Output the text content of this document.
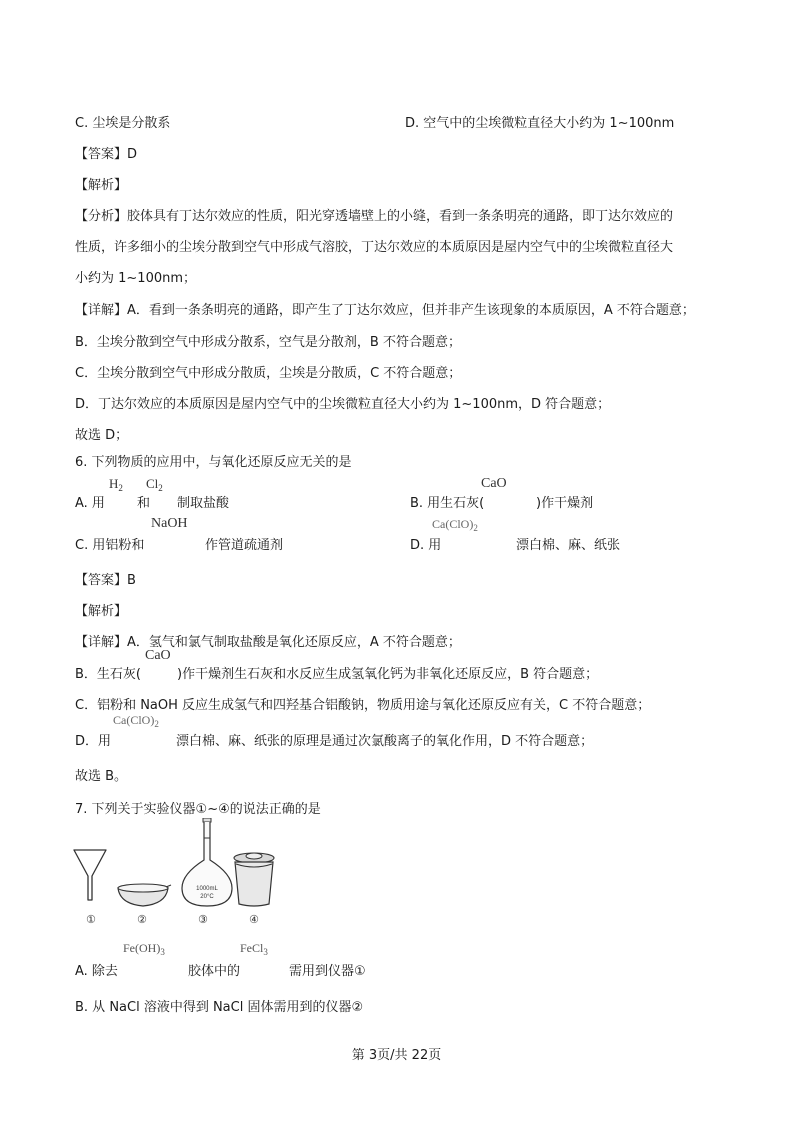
C. 尘埃是分散系	D. 空气中的尘埃微粒直径大小约为 1~100nm
【答案】D
【解析】
【分析】胶体具有丁达尔效应的性质，阳光穿透墙壁上的小缝，看到一条条明亮的通路，即丁达尔效应的
性质，许多细小的尘埃分散到空气中形成气溶胶，丁达尔效应的本质原因是屋内空气中的尘埃微粒直径大
小约为 1~100nm；
【详解】A．看到一条条明亮的通路，即产生了丁达尔效应，但并非产生该现象的本质原因，A 不符合题意；
B．尘埃分散到空气中形成分散系，空气是分散剂，B 不符合题意；
C．尘埃分散到空气中形成分散质，尘埃是分散质，C 不符合题意；
D．丁达尔效应的本质原因是屋内空气中的尘埃微粒直径大小约为 1~100nm，D 符合题意；
故选 D；
6. 下列物质的应用中，与氧化还原反应无关的是
$H_2$ $Cl_2$	CaO
A. 用 和 制取盐酸	B. 用生石灰(	)作干燥剂
NaOH	$Ca(ClO)_2$
C. 用铝粉和	作管道疏通剂	D. 用	漂白棉、麻、纸张
【答案】B
【解析】
【详解】A．氢气和氯气制取盐酸是氧化还原反应，A 不符合题意；
CaO
B．生石灰(	)作干燥剂生石灰和水反应生成氢氧化钙为非氧化还原反应，B 符合题意；
C．铝粉和 NaOH 反应生成氢气和四羟基合铝酸钠，物质用途与氧化还原反应有关，C 不符合题意；
$Ca(ClO)_2$
D．用	漂白棉、麻、纸张的原理是通过次氯酸离子的氧化作用，D 不符合题意；
故选 B。
7. 下列关于实验仪器①~④的说法正确的是
1000mL
20°C
①	②	③	④
$Fe(OH)_3$	FeCl$_3$
A. 除去	胶体中的	需用到仪器①
B. 从 NaCl 溶液中得到 NaCl 固体需用到的仪器②
第 3页/共 22页
